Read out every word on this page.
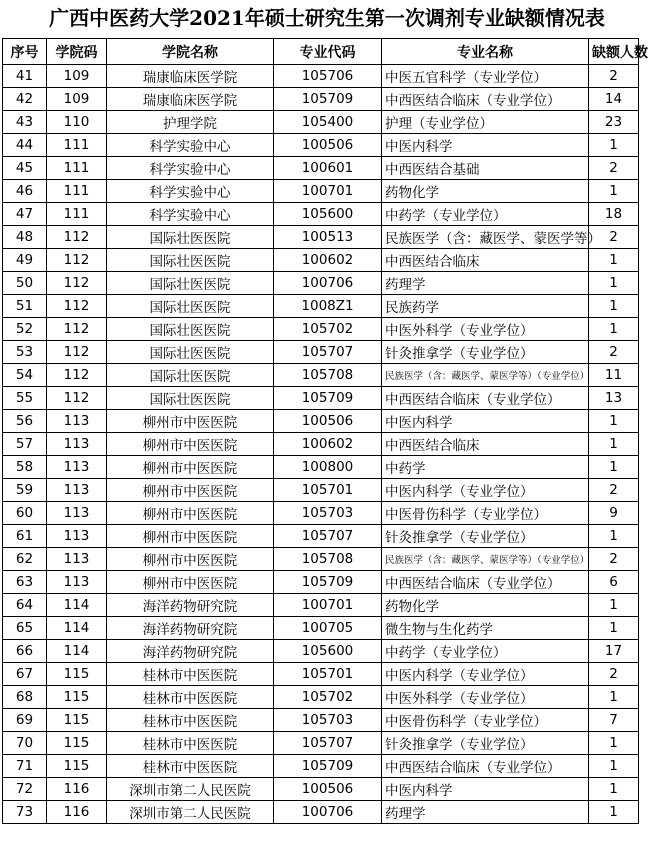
广西中医药大学2021年硕士研究生第一次调剂专业缺额情况表
序号	学院码	学院名称	专业代码	专业名称	缺额人数
41	109	瑞康临床医学院	105706	中医五官科学（专业学位）	2
42	109	瑞康临床医学院	105709	中西医结合临床（专业学位）	14
43	110	护理学院	105400	护理（专业学位）	23
44	111	科学实验中心	100506	中医内科学	1
45	111	科学实验中心	100601	中西医结合基础	2
46	111	科学实验中心	100701	药物化学	1
47	111	科学实验中心	105600	中药学（专业学位）	18
48	112	国际壮医医院	100513	民族医学（含：藏医学、蒙医学等）	2
49	112	国际壮医医院	100602	中西医结合临床	1
50	112	国际壮医医院	100706	药理学	1
51	112	国际壮医医院	1008Z1	民族药学	1
52	112	国际壮医医院	105702	中医外科学（专业学位）	1
53	112	国际壮医医院	105707	针灸推拿学（专业学位）	2
54	112	国际壮医医院	105708	民族医学（含：藏医学、蒙医学等）（专业学位）	11
55	112	国际壮医医院	105709	中西医结合临床（专业学位）	13
56	113	柳州市中医医院	100506	中医内科学	1
57	113	柳州市中医医院	100602	中西医结合临床	1
58	113	柳州市中医医院	100800	中药学	1
59	113	柳州市中医医院	105701	中医内科学（专业学位）	2
60	113	柳州市中医医院	105703	中医骨伤科学（专业学位）	9
61	113	柳州市中医医院	105707	针灸推拿学（专业学位）	1
62	113	柳州市中医医院	105708	民族医学（含：藏医学、蒙医学等）（专业学位）	2
63	113	柳州市中医医院	105709	中西医结合临床（专业学位）	6
64	114	海洋药物研究院	100701	药物化学	1
65	114	海洋药物研究院	100705	微生物与生化药学	1
66	114	海洋药物研究院	105600	中药学（专业学位）	17
67	115	桂林市中医医院	105701	中医内科学（专业学位）	2
68	115	桂林市中医医院	105702	中医外科学（专业学位）	1
69	115	桂林市中医医院	105703	中医骨伤科学（专业学位）	7
70	115	桂林市中医医院	105707	针灸推拿学（专业学位）	1
71	115	桂林市中医医院	105709	中西医结合临床（专业学位）	1
72	116	深圳市第二人民医院	100506	中医内科学	1
73	116	深圳市第二人民医院	100706	药理学	1
